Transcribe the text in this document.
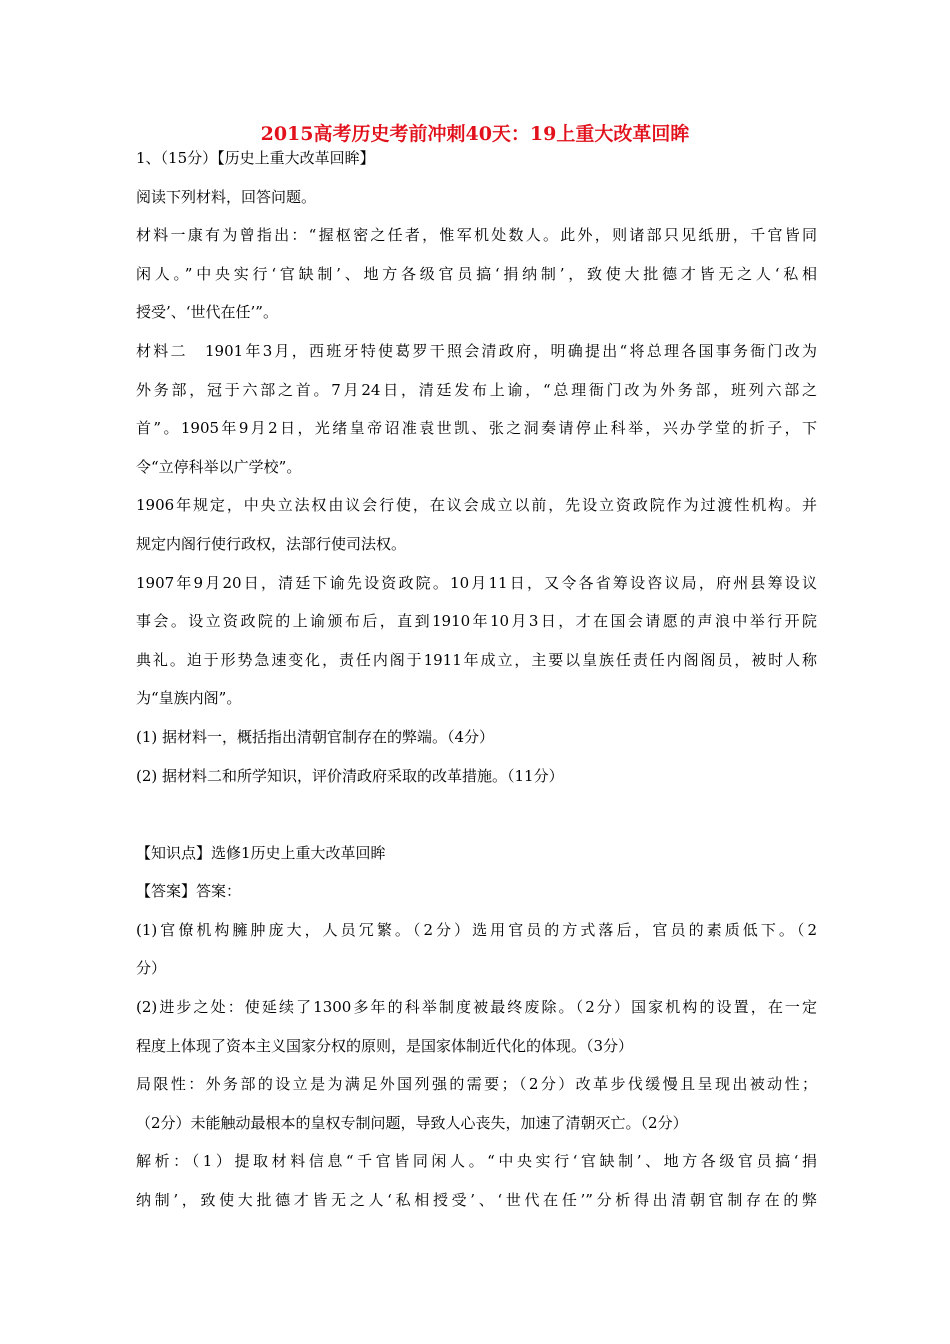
2015高考历史考前冲刺40天：19上重大改革回眸
1、（15分）【历史上重大改革回眸】
阅读下列材料，回答问题。
材料一康有为曾指出：“握枢密之任者，惟军机处数人。此外，则诸部只见纸册，千官皆同
闲人。”中央实行‘官缺制’、地方各级官员搞‘捐纳制’，致使大批德才皆无之人‘私相
授受’、‘世代在任’”。
材料二　1901年3月，西班牙特使葛罗干照会清政府，明确提出“将总理各国事务衙门改为
外务部，冠于六部之首。7月24日，清廷发布上谕，“总理衙门改为外务部，班列六部之
首”。1905年9月2日，光绪皇帝诏准袁世凯、张之洞奏请停止科举，兴办学堂的折子，下
令“立停科举以广学校”。
1906年规定，中央立法权由议会行使，在议会成立以前，先设立资政院作为过渡性机构。并
规定内阁行使行政权，法部行使司法权。
1907年9月20日，清廷下谕先设资政院。10月11日，又令各省筹设咨议局，府州县筹设议
事会。设立资政院的上谕颁布后，直到1910年10月3日，才在国会请愿的声浪中举行开院
典礼。迫于形势急速变化，责任内阁于1911年成立，主要以皇族任责任内阁阁员，被时人称
为“皇族内阁”。
(1) 据材料一，概括指出清朝官制存在的弊端。（4分）
(2) 据材料二和所学知识，评价清政府采取的改革措施。（11分）
【知识点】选修1历史上重大改革回眸
【答案】答案：
(1)官僚机构臃肿庞大，人员冗繁。（2分）选用官员的方式落后，官员的素质低下。（2
分）
(2)进步之处：使延续了1300多年的科举制度被最终废除。（2分）国家机构的设置，在一定
程度上体现了资本主义国家分权的原则，是国家体制近代化的体现。（3分）
局限性：外务部的设立是为满足外国列强的需要；（2分）改革步伐缓慢且呈现出被动性；
（2分）未能触动最根本的皇权专制问题，导致人心丧失，加速了清朝灭亡。（2分）
解析：（1）提取材料信息“千官皆同闲人。“中央实行‘官缺制’、地方各级官员搞‘捐
纳制’，致使大批德才皆无之人‘私相授受’、‘世代在任’”分析得出清朝官制存在的弊
